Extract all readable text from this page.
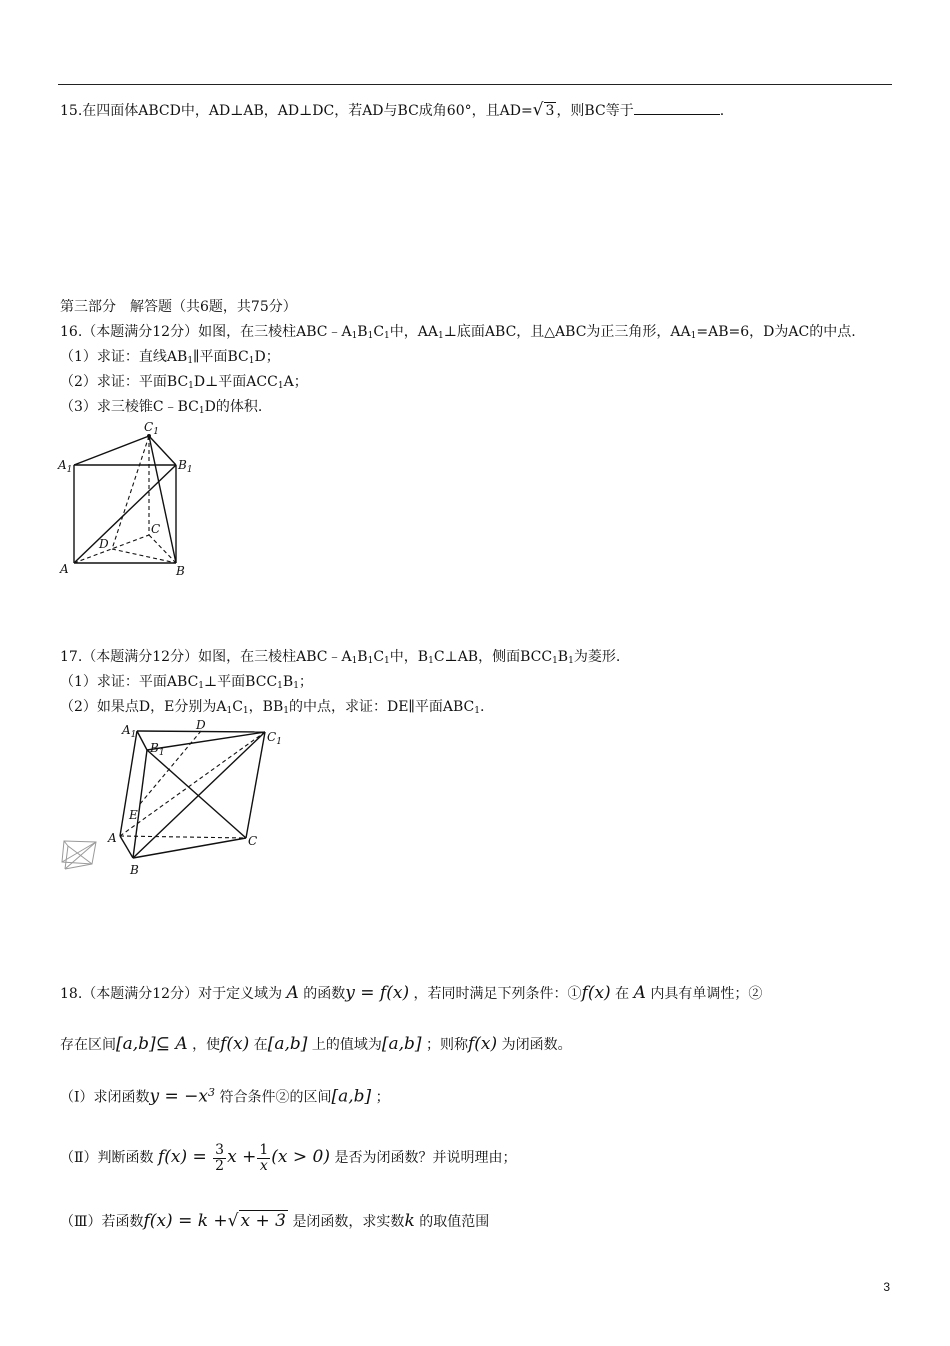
15.在四面体ABCD中，AD⊥AB，AD⊥DC，若AD与BC成角60°，且AD=√ 3 ，则BC等于	.
第三部分　解答题（共6题，共75分）
16.（本题满分12分）如图，在三棱柱$ABC﹣A_1B_1C_1$中，$AA_1\perp$底面ABC，且△ABC为正三角形，$AA_1=AB=6$，D为AC的中点.
（1）求证：直线$AB_1\parallel$平面$BC_1D$；
（2）求证：平面$BC_1D\perp$平面$ACC_1A$；
（3）求三棱锥$C﹣BC_1D$的体积.
$C_1$
$A_1$	$B_1$
C
D
A	B
17.（本题满分12分）如图，在三棱柱$ABC﹣A_1B_1C_1$中，$B_1C\perp AB$，侧面$BCC_1B_1$为菱形.
（1）求证：平面$ABC_1\perp$平面$BCC_1B_1$；
（2）如果点D，E分别为$A_1C_1$，$BB_1$的中点，求证：DE∥平面$ABC_1$.
$A_1$
D
$C_1$
$B_1$
E
A	C
B
18.（本题满分12分）对于定义域为 A 的函数y = f(x) ，若同时满足下列条件：①f(x) 在 A 内具有单调性；②
存在区间[a,b]⊆ A ，使f(x) 在[a,b] 上的值域为[a,b] ；则称f(x) 为闭函数。
（Ⅰ）求闭函数$y = -x^3$ 符合条件②的区间[a,b] ；
（Ⅱ）判断函数 $f(x) = \frac{3}{2}$ $x + \frac{1}{x} (x > 0)$ 是否为闭函数？并说明理由；
（Ⅲ）若函数f(x) = k +√ x + 3 是闭函数，求实数k 的取值范围
3
